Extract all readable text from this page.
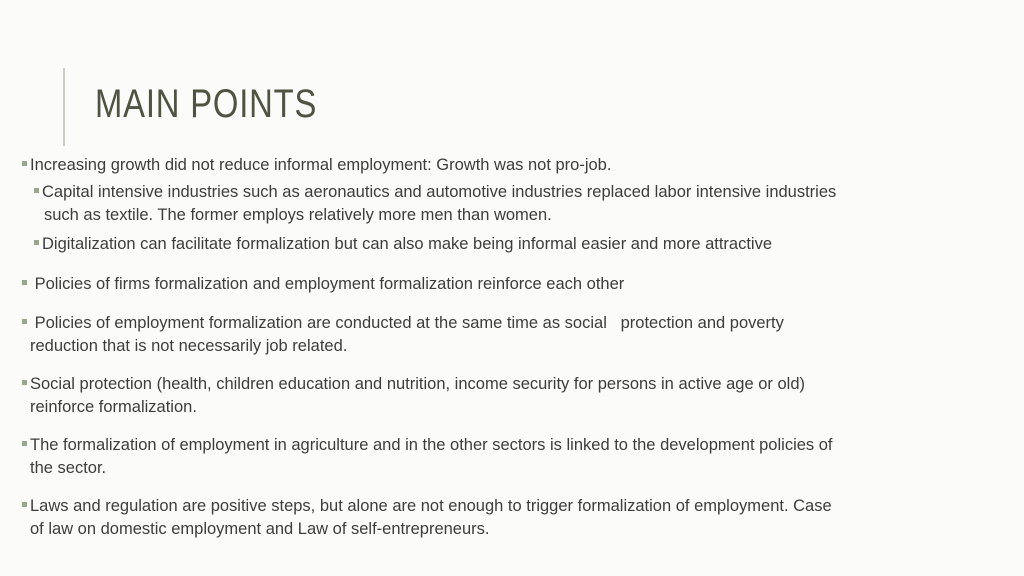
MAIN POINTS
Increasing growth did not reduce informal employment: Growth was not pro-job.
Capital intensive industries such as aeronautics and automotive industries replaced labor intensive industries
such as textile. The former employs relatively more men than women.
Digitalization can facilitate formalization but can also make being informal easier and more attractive
Policies of firms formalization and employment formalization reinforce each other
Policies of employment formalization are conducted at the same time as social   protection and poverty
reduction that is not necessarily job related.
Social protection (health, children education and nutrition, income security for persons in active age or old)
reinforce formalization.
The formalization of employment in agriculture and in the other sectors is linked to the development policies of
the sector.
Laws and regulation are positive steps, but alone are not enough to trigger formalization of employment. Case
of law on domestic employment and Law of self-entrepreneurs.
